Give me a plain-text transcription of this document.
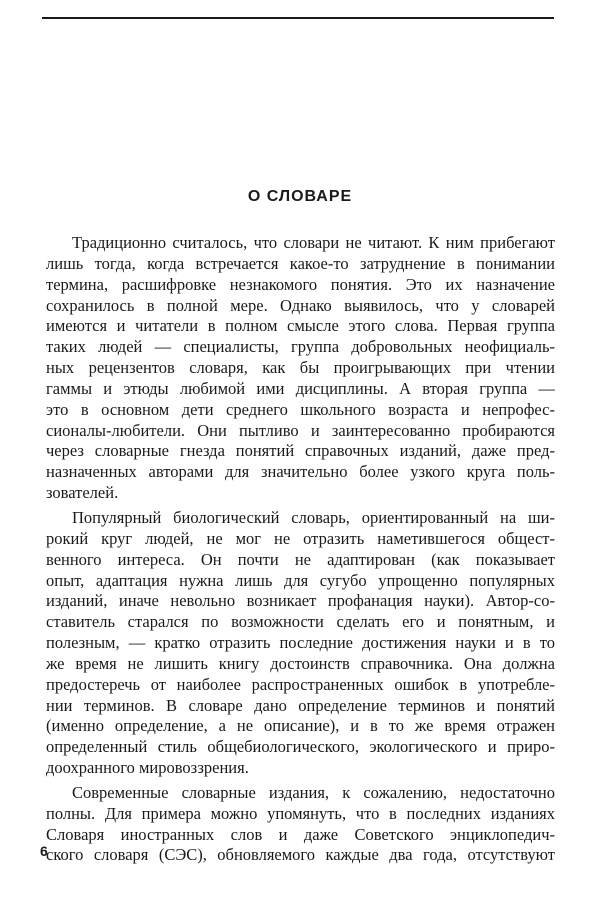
О СЛОВАРЕ
Традиционно считалось, что словари не читают. К ним прибегают
лишь тогда, когда встречается какое-то затруднение в понимании
термина, расшифровке незнакомого понятия. Это их назначение
сохранилось в полной мере. Однако выявилось, что у словарей
имеются и читатели в полном смысле этого слова. Первая группа
таких людей — специалисты, группа добровольных неофициаль-
ных рецензентов словаря, как бы проигрывающих при чтении
гаммы и этюды любимой ими дисциплины. А вторая группа —
это в основном дети среднего школьного возраста и непрофес-
сионалы-любители. Они пытливо и заинтересованно пробираются
через словарные гнезда понятий справочных изданий, даже пред-
назначенных авторами для значительно более узкого круга поль-
зователей.
Популярный биологический словарь, ориентированный на ши-
рокий круг людей, не мог не отразить наметившегося общест-
венного интереса. Он почти не адаптирован (как показывает
опыт, адаптация нужна лишь для сугубо упрощенно популярных
изданий, иначе невольно возникает профанация науки). Автор-со-
ставитель старался по возможности сделать его и понятным, и
полезным, — кратко отразить последние достижения науки и в то
же время не лишить книгу достоинств справочника. Она должна
предостеречь от наиболее распространенных ошибок в употребле-
нии терминов. В словаре дано определение терминов и понятий
(именно определение, а не описание), и в то же время отражен
определенный стиль общебиологического, экологического и приро-
доохранного мировоззрения.
Современные словарные издания, к сожалению, недостаточно
полны. Для примера можно упомянуть, что в последних изданиях
Словаря иностранных слов и даже Советского энциклопедич-
ского словаря (СЭС), обновляемого каждые два года, отсутствуют
6
